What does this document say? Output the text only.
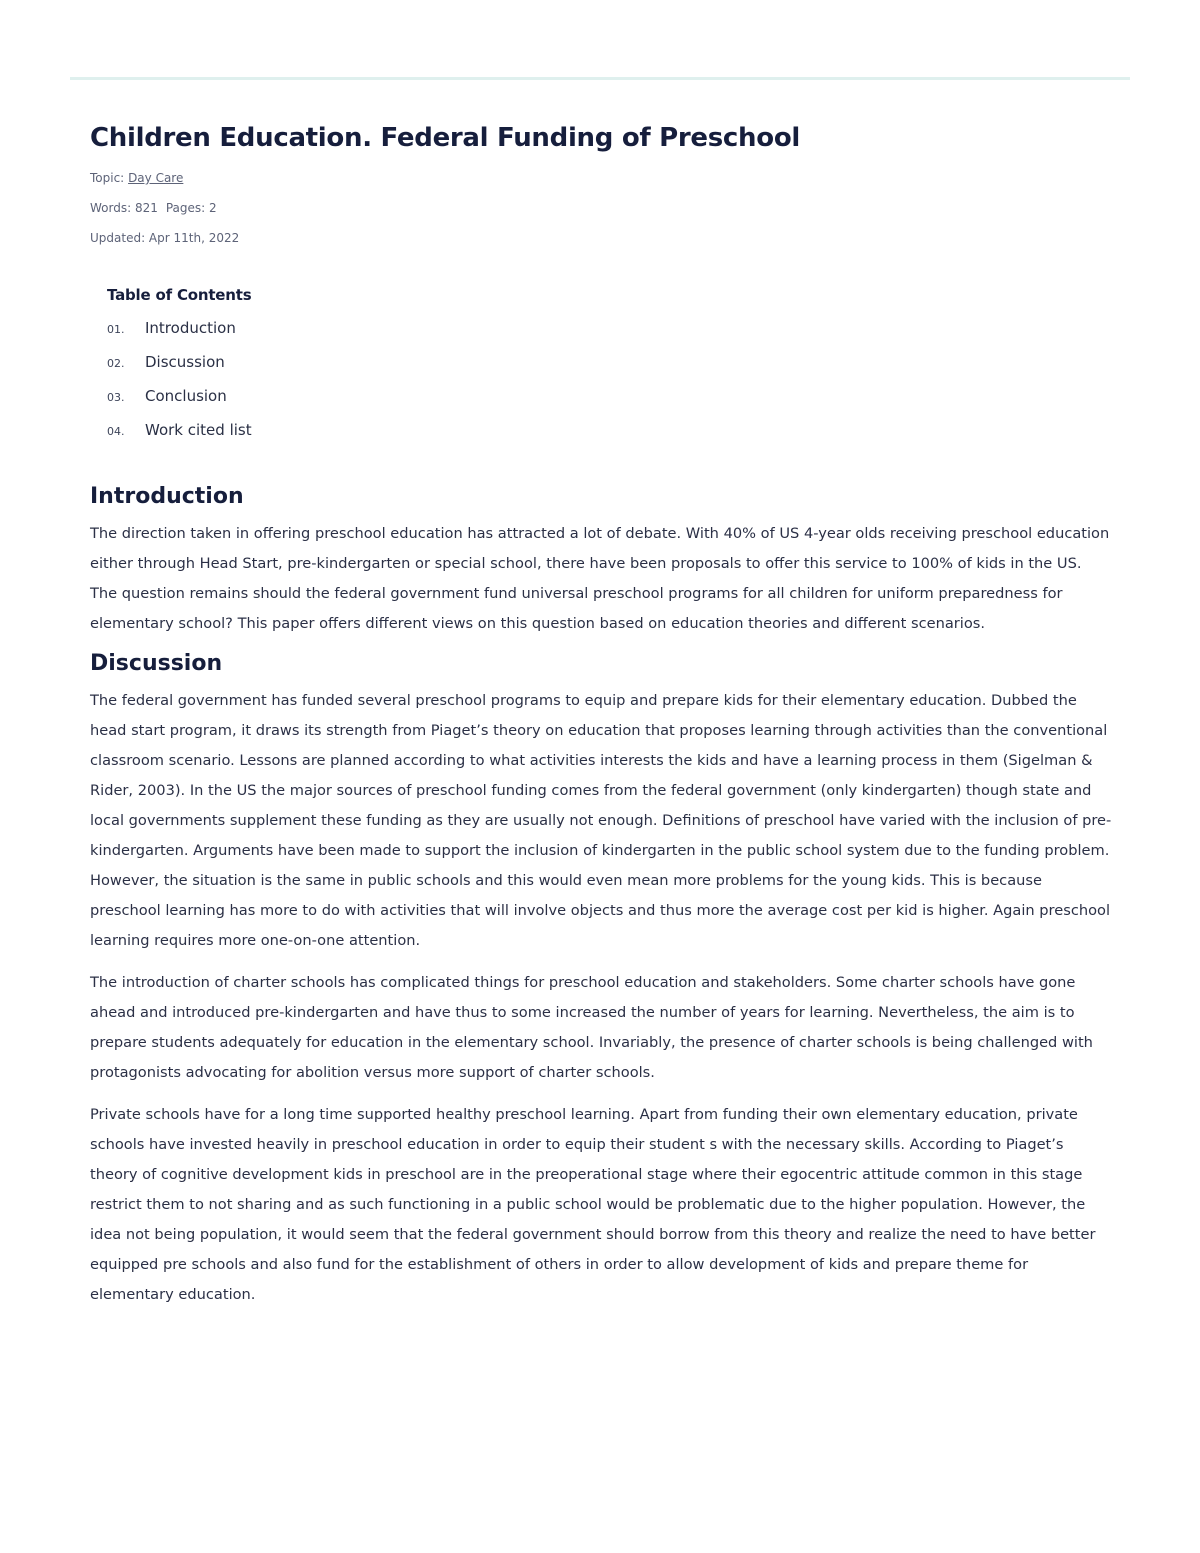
Children Education. Federal Funding of Preschool
Topic: Day Care
Words: 821 Pages: 2
Updated: Apr 11th, 2022
Table of Contents
01.	Introduction
02.	Discussion
03.	Conclusion
04.	Work cited list
Introduction

The direction taken in offering preschool education has attracted a lot of debate. With 40% of US 4-year olds receiving preschool education either through Head Start, pre-kindergarten or special school, there have been proposals to offer this service to 100% of kids in the US. The question remains should the federal government fund universal preschool programs for all children for uniform preparedness for elementary school? This paper offers different views on this question based on education theories and different scenarios.

Discussion

The federal government has funded several preschool programs to equip and prepare kids for their elementary education. Dubbed the head start program, it draws its strength from Piaget’s theory on education that proposes learning through activities than the conventional classroom scenario. Lessons are planned according to what activities interests the kids and have a learning process in them (Sigelman & Rider, 2003). In the US the major sources of preschool funding comes from the federal government (only kindergarten) though state and local governments supplement these funding as they are usually not enough. Definitions of preschool have varied with the inclusion of pre-kindergarten. Arguments have been made to support the inclusion of kindergarten in the public school system due to the funding problem. However, the situation is the same in public schools and this would even mean more problems for the young kids. This is because preschool learning has more to do with activities that will involve objects and thus more the average cost per kid is higher. Again preschool learning requires more one-on-one attention.

The introduction of charter schools has complicated things for preschool education and stakeholders. Some charter schools have gone ahead and introduced pre-kindergarten and have thus to some increased the number of years for learning. Nevertheless, the aim is to prepare students adequately for education in the elementary school. Invariably, the presence of charter schools is being challenged with protagonists advocating for abolition versus more support of charter schools.

Private schools have for a long time supported healthy preschool learning. Apart from funding their own elementary education, private schools have invested heavily in preschool education in order to equip their student s with the necessary skills. According to Piaget’s theory of cognitive development kids in preschool are in the preoperational stage where their egocentric attitude common in this stage restrict them to not sharing and as such functioning in a public school would be problematic due to the higher population. However, the idea not being population, it would seem that the federal government should borrow from this theory and realize the need to have better equipped pre schools and also fund for the establishment of others in order to allow development of kids and prepare theme for elementary education.
